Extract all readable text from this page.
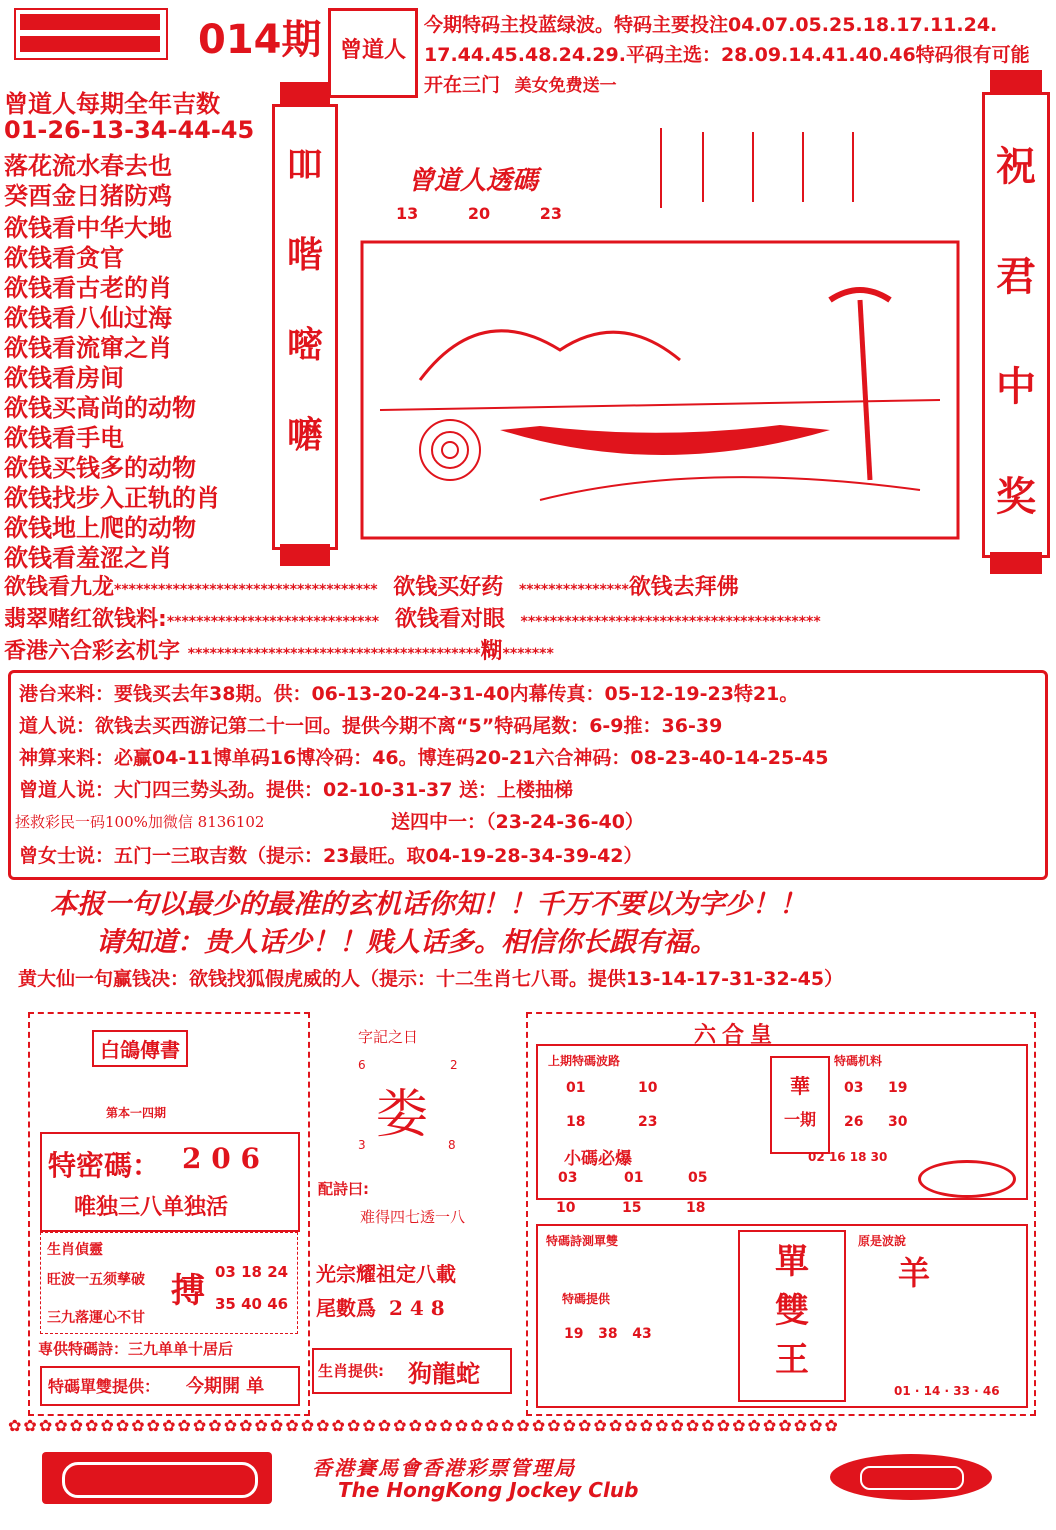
014期 曾道人
今期特码主投蓝绿波。特码主要投注04.07.05.25.18.17.11.24.
17.44.45.48.24.29.平码主选：28.09.14.41.40.46特码很有可能
开在三门 美女免费送一
曾道人每期全年吉数
01-26-13-34-44-45
落花流水春去也
癸酉金日猪防鸡
欲钱看中华大地
欲钱看贪官
欲钱看古老的肖
欲钱看八仙过海
欲钱看流窜之肖
欲钱看房间
欲钱买高尚的动物
欲钱看手电
欲钱买钱多的动物
欲钱找步入正轨的肖
欲钱地上爬的动物
欲钱看羞涩之肖
吅
喈
嘧
嚰
曾道人透碼
13	20	23
祝
君
中
奖
欲钱看九龙************************************ 欲钱买好药 ***************欲钱去拜佛
翡翠赌红欲钱料:***************************** 欲钱看对眼 *****************************************
香港六合彩玄机字 ****************************************糊*******
港台来料：要钱买去年38期。供：06-13-20-24-31-40内幕传真：05-12-19-23特21。
道人说：欲钱去买西游记第二十一回。提供今期不离“5”特码尾数：6-9推：36-39
神算来料：必赢04-11博单码16博冷码：46。博连码20-21六合神码：08-23-40-14-25-45
曾道人说：大门四三势头劲。提供：02-10-31-37 送：上楼抽梯
拯救彩民一码100%加微信 8136102	送四中一：（23-24-36-40）
曾女士说：五门一三取吉数（提示：23最旺。取04-19-28-34-39-42）
本报一句以最少的最准的玄机话你知！！千万不要以为字少！！
请知道：贵人话少！！贱人话多。相信你长跟有福。
黄大仙一句赢钱决：欲钱找狐假虎威的人（提示：十二生肖七八哥。提供13-14-17-31-32-45）
白鴿傳書
第本一四期
特密碼： 2 0 6
唯独三八单独活
生肖偵靈
旺波一五须孳破
三九落運心不甘
搏 03 18 24
35 40 46
専供特碼詩：三九单单十居后
特碼單雙提供： 今期開 单
字記之日
6	2
娄
3	8
配詩曰:
难得四七透一八
光宗耀祖定八載
尾數爲 2 4 8
生肖提供: 狗龍蛇
六合皇
上期特碼波路
01	10
18	23
小碼必爆
03	01	05
華
一期
特碼机料
03 19
26 30
02 16 18 30
10	15	18
特碼詩測單雙
特碼提供
19   38   43
單
雙
王
原是波說
羊
01 · 14 · 33 · 46
✿✿✿✿✿✿✿✿✿✿✿✿✿✿✿✿✿✿✿✿✿✿✿✿✿✿✿✿✿✿✿✿✿✿✿✿✿✿✿✿✿✿✿✿✿✿✿✿✿✿✿✿✿✿
香港賽馬會香港彩票管理局
The HongKong Jockey Club
